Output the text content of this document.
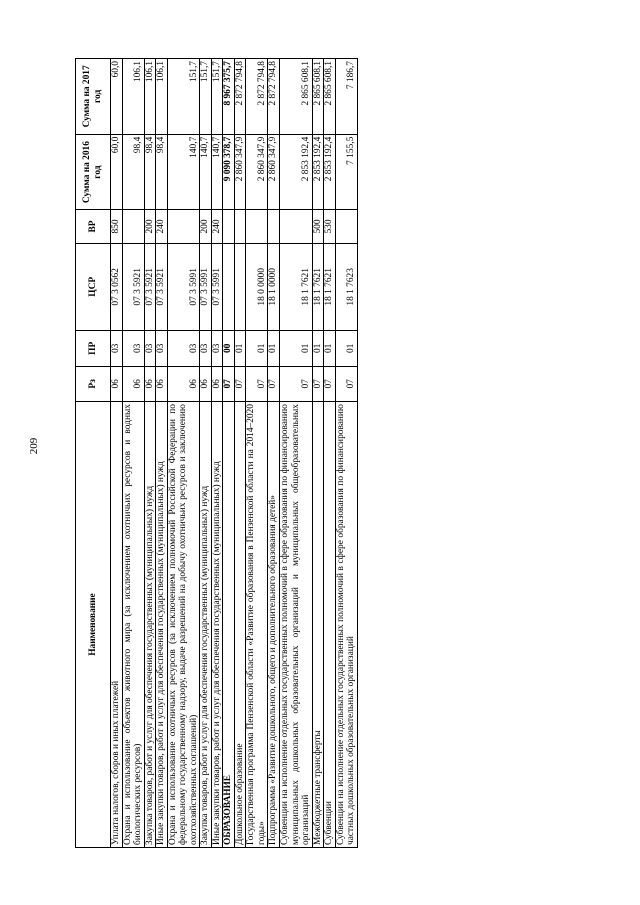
209
Наименование	Рз	ПР	ЦСР	ВР	Сумма на 2016 год	Сумма на 2017 год
Уплата налогов, сборов и иных платежей	06	03	07 3 0562	850	60,0	60,0
Охрана и использование объектов животного мира (за исключением охотничьих ресурсов и водных биологических ресурсов)	06	03	07 3 5921		98,4	106,1
Закупка товаров, работ и услуг для обеспечения государственных (муниципальных) нужд	06	03	07 3 5921	200	98,4	106,1
Иные закупки товаров, работ и услуг для обеспечения государственных (муниципальных) нужд	06	03	07 3 5921	240	98,4	106,1
Охрана и использование охотничьих ресурсов (за исключением полномочий Российской Федерации по федеральному государственному надзору, выдаче разрешений на добычу охотничьих ресурсов и заключению охотхозяйственных соглашений)	06	03	07 3 5991		140,7	151,7
Закупка товаров, работ и услуг для обеспечения государственных (муниципальных) нужд	06	03	07 3 5991	200	140,7	151,7
Иные закупки товаров, работ и услуг для обеспечения государственных (муниципальных) нужд	06	03	07 3 5991	240	140,7	151,7
ОБРАЗОВАНИЕ	07	00			9 090 378,7	8 967 375,7
Дошкольное образование	07	01			2 860 347,9	2 872 794,8
Государственная программа Пензенской области «Развитие образования в Пензенской области на 2014–2020 годы»	07	01	18 0 0000		2 860 347,9	2 872 794,8
Подпрограмма «Развитие дошкольного, общего и дополнительного образования детей»	07	01	18 1 0000		2 860 347,9	2 872 794,8
Субвенции на исполнение отдельных государственных полномочий в сфере образования по финансированию муниципальных дошкольных образовательных организаций и муниципальных общеобразовательных организаций	07	01	18 1 7621		2 853 192,4	2 865 608,1
Межбюджетные трансферты	07	01	18 1 7621	500	2 853 192,4	2 865 608,1
Субвенции	07	01	18 1 7621	530	2 853 192,4	2 865 608,1
Субвенции на исполнение отдельных государственных полномочий в сфере образования по финансированию частных дошкольных образовательных организаций	07	01	18 1 7623		7 155,5	7 186,7
